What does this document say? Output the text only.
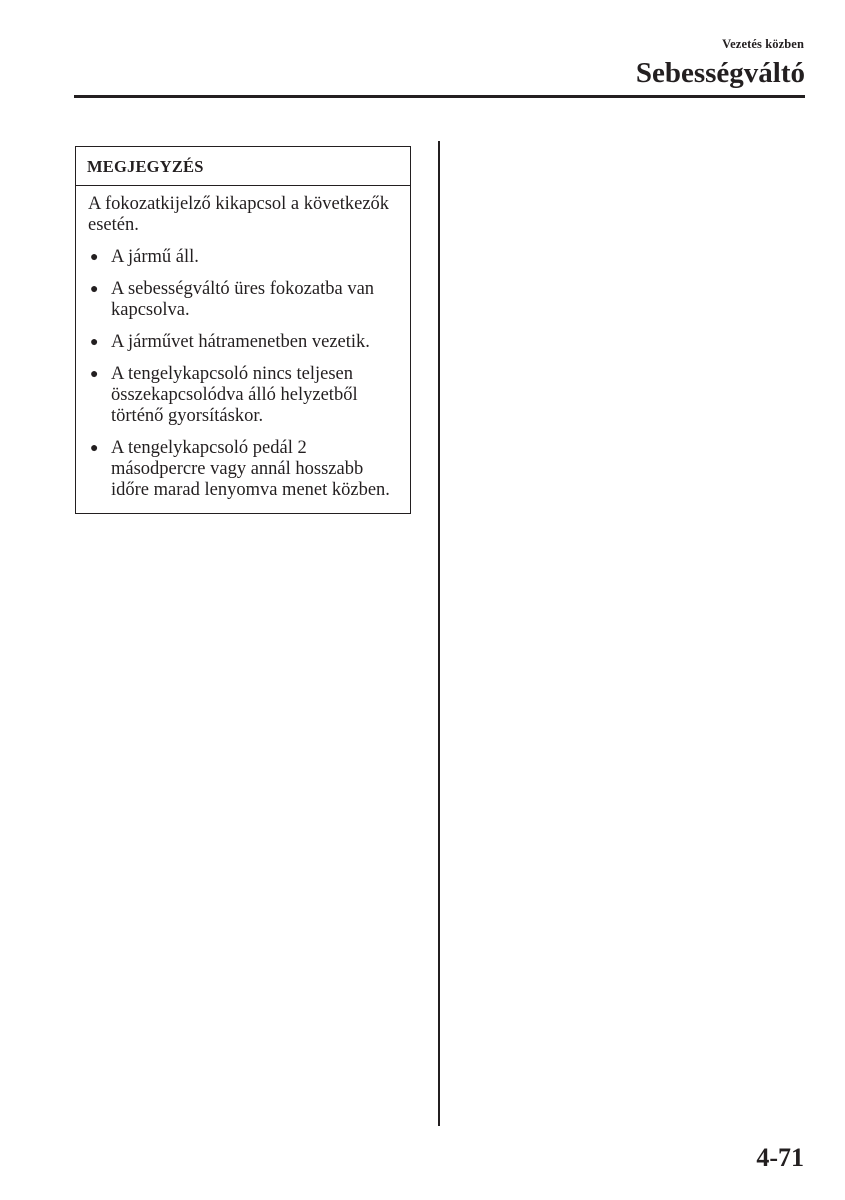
Vezetés közben
Sebességváltó
MEGJEGYZÉS

A fokozatkijelző kikapcsol a következők esetén.

● A jármű áll.
● A sebességváltó üres fokozatba van kapcsolva.
● A járművet hátramenetben vezetik.
● A tengelykapcsoló nincs teljesen összekapcsolódva álló helyzetből történő gyorsításkor.
● A tengelykapcsoló pedál 2 másodpercre vagy annál hosszabb időre marad lenyomva menet közben.
4-71
